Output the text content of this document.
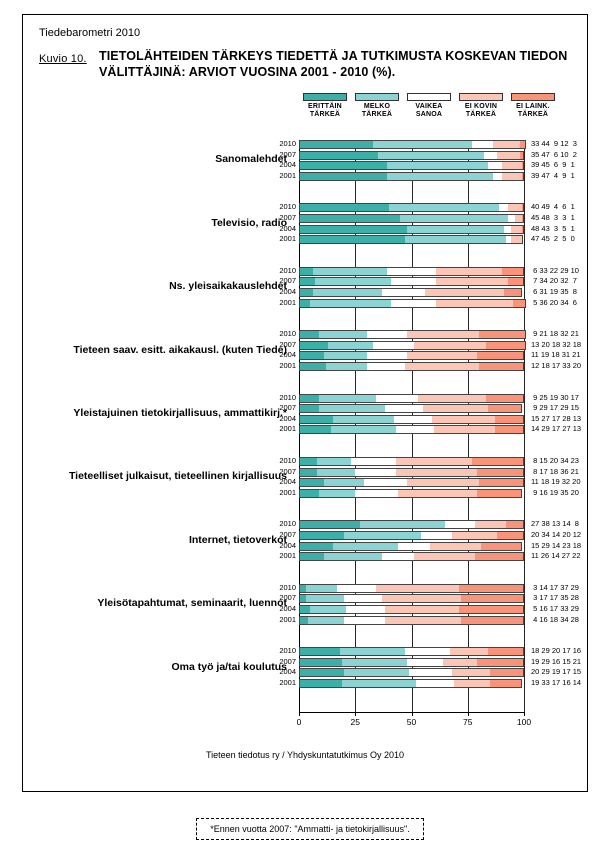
Tiedebarometri 2010
Kuvio 10. TIETOLÄHTEIDEN TÄRKEYS TIEDETTÄ JA TUTKIMUSTA KOSKEVAN TIEDON VÄLITTÄJINÄ: ARVIOT VUOSINA 2001 - 2010 (%).
ERITTÄIN
TÄRKEÄ
MELKO
TÄRKEÄ
VAIKEA
SANOA
EI KOVIN
TÄRKEÄ
EI LAINK.
TÄRKEÄ
Sanomalehdet
Televisio, radio
Ns. yleisaikakauslehdet
Tieteen saav. esitt. aikakausl. (kuten Tiede)
Yleistajuinen tietokirjallisuus, ammattikirj.*
Tieteelliset julkaisut, tieteellinen kirjallisuus
Internet, tietoverkot
Yleisötapahtumat, seminaarit, luennot
Oma työ ja/tai koulutus
2010	33 44  9 12  3
2007	35 47  6 10  2
2004	39 45  6  9  1
2001	39 47  4  9  1
2010	40 49  4  6  1
2007	45 48  3  3  1
2004	48 43  3  5  1
2001	47 45  2  5  0
2010	6 33 22 29 10
2007	7 34 20 32  7
2004	6 31 19 35  8
2001	5 36 20 34  6
2010	9 21 18 32 21
2007	13 20 18 32 18
2004	11 19 18 31 21
2001	12 18 17 33 20
2010	9 25 19 30 17
2007	9 29 17 29 15
2004	15 27 17 28 13
2001	14 29 17 27 13
2010	8 15 20 34 23
2007	8 17 18 36 21
2004	11 18 19 32 20
2001	9 16 19 35 20
2010	27 38 13 14  8
2007	20 34 14 20 12
2004	15 29 14 23 18
2001	11 26 14 27 22
2010	3 14 17 37 29
2007	3 17 17 35 28
2004	5 16 17 33 29
2001	4 16 18 34 28
2010	18 29 20 17 16
2007	19 29 16 15 21
2004	20 29 19 17 15
2001	19 33 17 16 14
0	25	50	75	100
Tieteen tiedotus ry / Yhdyskuntatutkimus Oy 2010
*Ennen vuotta 2007: "Ammatti- ja tietokirjallisuus".
